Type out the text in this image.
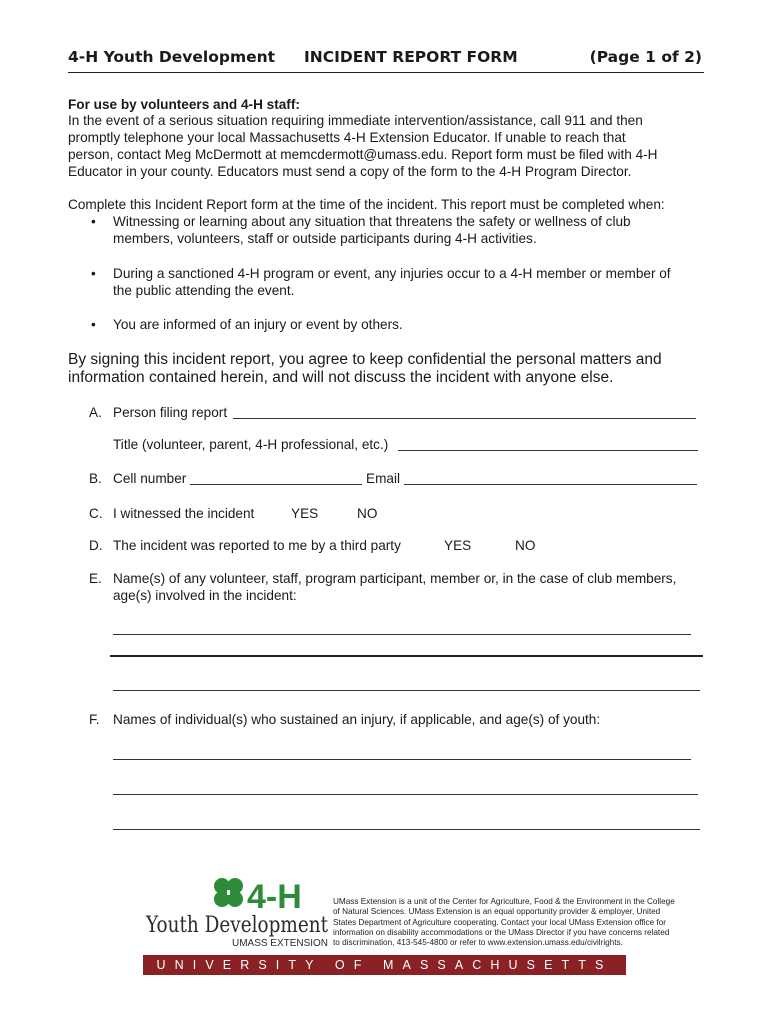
4-H Youth Development INCIDENT REPORT FORM	(Page 1 of 2)
For use by volunteers and 4-H staff:
In the event of a serious situation requiring immediate intervention/assistance, call 911 and then
promptly telephone your local Massachusetts 4-H Extension Educator. If unable to reach that
person, contact Meg McDermott at memcdermott@umass.edu. Report form must be filed with 4-H
Educator in your county. Educators must send a copy of the form to the 4-H Program Director.
Complete this Incident Report form at the time of the incident. This report must be completed when:
• Witnessing or learning about any situation that threatens the safety or wellness of club
members, volunteers, staff or outside participants during 4-H activities.
• During a sanctioned 4-H program or event, any injuries occur to a 4-H member or member of
the public attending the event.
• You are informed of an injury or event by others.
By signing this incident report, you agree to keep confidential the personal matters and
information contained herein, and will not discuss the incident with anyone else.
A. Person filing report
Title (volunteer, parent, 4-H professional, etc.)
B. Cell number	Email
C. I witnessed the incident	YES	NO
D. The incident was reported to me by a third party	YES	NO
E. Name(s) of any volunteer, staff, program participant, member or, in the case of club members,
age(s) involved in the incident:
F. Names of individual(s) who sustained an injury, if applicable, and age(s) of youth:
4-H
Youth Development
UMASS EXTENSION
UMass Extension is a unit of the Center for Agriculture, Food & the Environment in the College
of Natural Sciences. UMass Extension is an equal opportunity provider & employer, United
States Department of Agriculture cooperating. Contact your local UMass Extension office for
information on disability accommodations or the UMass Director if you have concerns related
to discrimination, 413-545-4800 or refer to www.extension.umass.edu/civilrights.
UNIVERSITY OF MASSACHUSETTS AMHERST
